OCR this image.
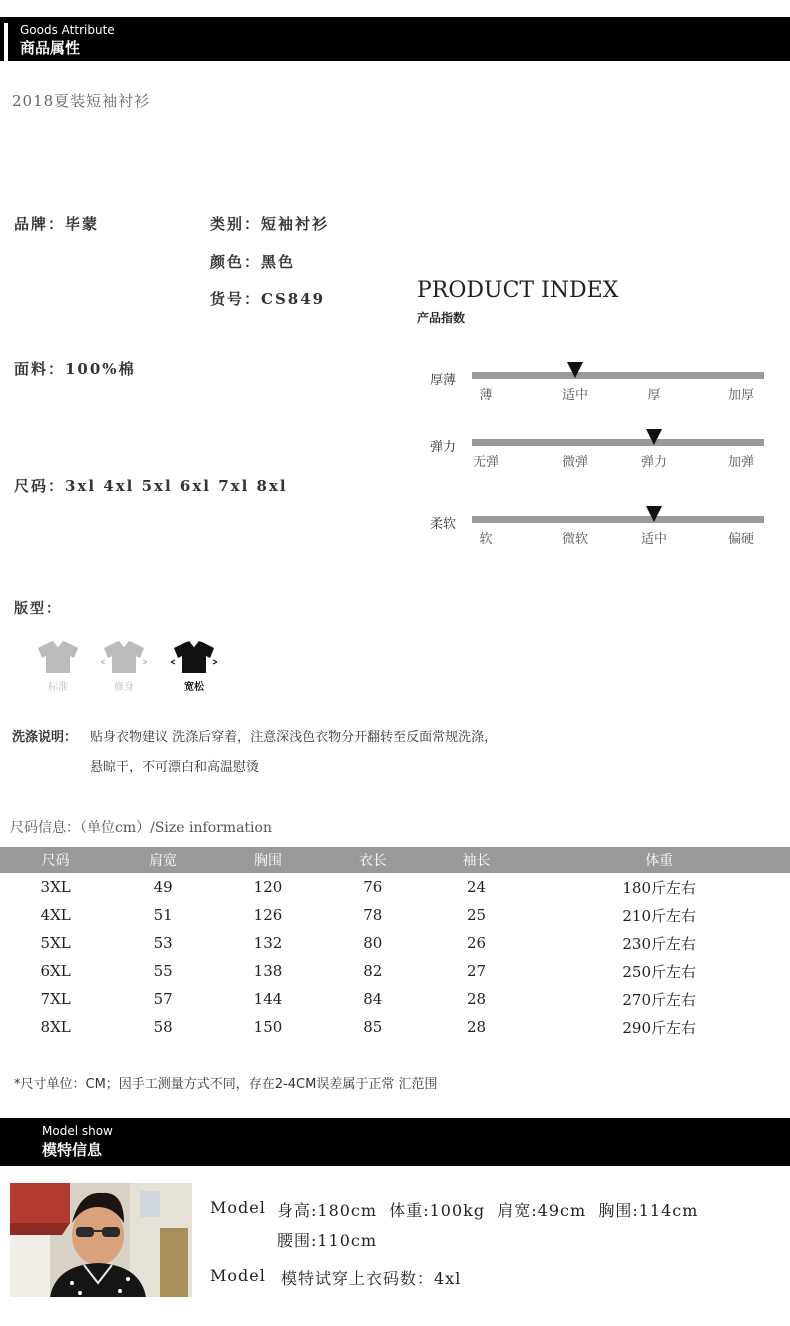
Goods Attribute
商品属性
2018夏装短袖衬衫
品牌：毕蒙	类别：短袖衬衫
颜色：黑色
货号：CS849
面料：100%棉
尺码：3xl 4xl 5xl 6xl 7xl 8xl
PRODUCT INDEX
产品指数
厚薄
薄	适中	厚	加厚
弹力
无弹	微弹	弹力	加弹
柔软
软	微软	适中	偏硬
版型：
标准	修身	宽松
洗涤说明： 贴身衣物建议 洗涤后穿着，注意深浅色衣物分开翻转至反面常规洗涤，
悬晾干，不可漂白和高温慰烫
尺码信息：（单位cm）/Size information
尺码	肩宽	胸围	衣长	袖长	体重
3XL	49	120	76	24	180斤左右
4XL	51	126	78	25	210斤左右
5XL	53	132	80	26	230斤左右
6XL	55	138	82	27	250斤左右
7XL	57	144	84	28	270斤左右
8XL	58	150	85	28	290斤左右
*尺寸单位：CM；因手工测量方式不同，存在2-4CM误差属于正常 汇范围
Model show
模特信息
Model 身高:180cm  体重:100kg  肩宽:49cm  胸围:114cm
腰围:110cm
Model 模特试穿上衣码数：4xl
